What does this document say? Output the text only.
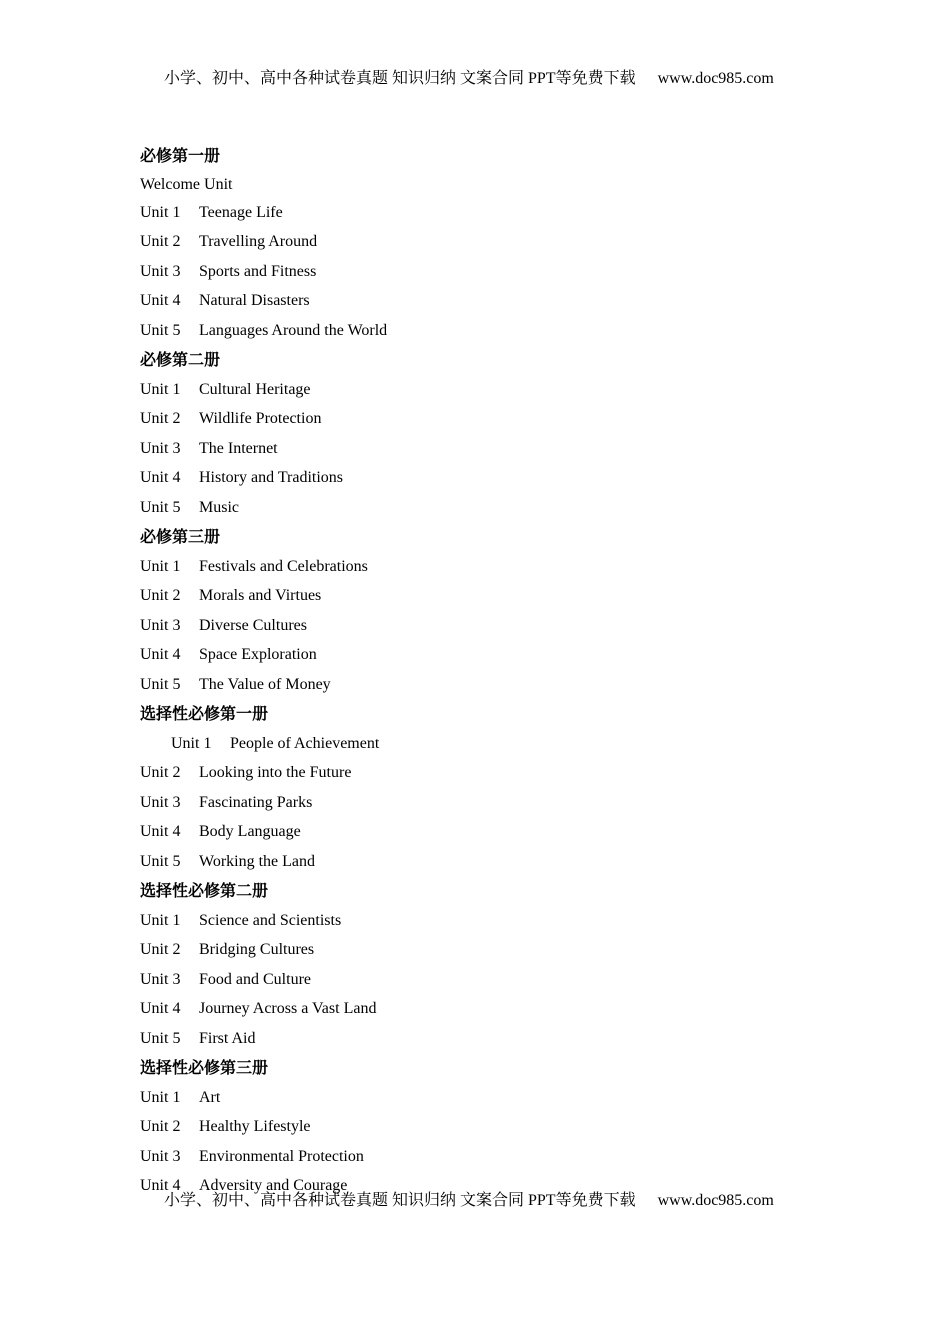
小学、初中、高中各种试卷真题 知识归纳 文案合同 PPT等免费下载 www.doc985.com
必修第一册
Welcome Unit
Unit 1 Teenage Life
Unit 2 Travelling Around
Unit 3 Sports and Fitness
Unit 4 Natural Disasters
Unit 5 Languages Around the World
必修第二册
Unit 1 Cultural Heritage
Unit 2 Wildlife Protection
Unit 3 The Internet
Unit 4 History and Traditions
Unit 5 Music
必修第三册
Unit 1 Festivals and Celebrations
Unit 2 Morals and Virtues
Unit 3 Diverse Cultures
Unit 4 Space Exploration
Unit 5 The Value of Money
选择性必修第一册
Unit 1 People of Achievement
Unit 2 Looking into the Future
Unit 3 Fascinating Parks
Unit 4 Body Language
Unit 5 Working the Land
选择性必修第二册
Unit 1 Science and Scientists
Unit 2 Bridging Cultures
Unit 3 Food and Culture
Unit 4 Journey Across a Vast Land
Unit 5 First Aid
选择性必修第三册
Unit 1 Art
Unit 2 Healthy Lifestyle
Unit 3 Environmental Protection
Unit 4 Adversity and Courage
小学、初中、高中各种试卷真题 知识归纳 文案合同 PPT等免费下载 www.doc985.com
